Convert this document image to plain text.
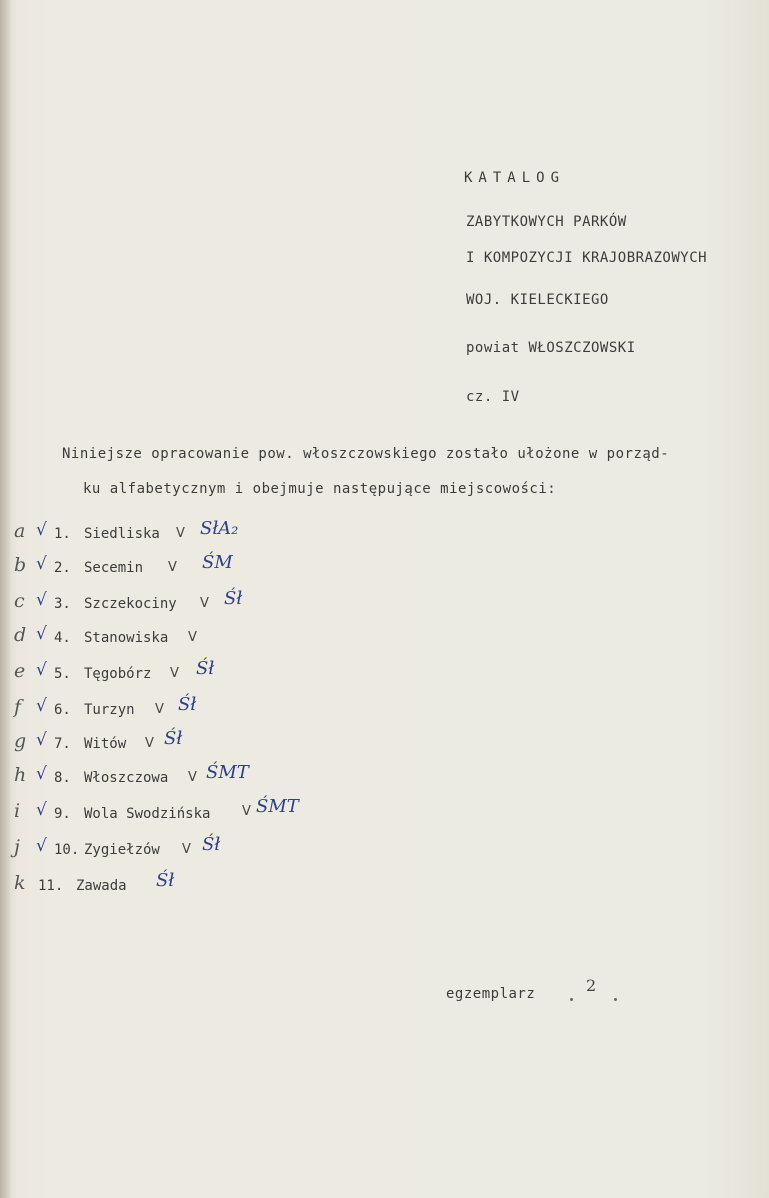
KATALOG
ZABYTKOWYCH PARKÓW
I KOMPOZYCJI KRAJOBRAZOWYCH
WOJ. KIELECKIEGO
powiat WŁOSZCZOWSKI
cz. IV
Niniejsze opracowanie pow. włoszczowskiego zostało ułożone w porząd-
ku alfabetycznym i obejmuje następujące miejscowości:
a √ 1. Siedliska V SłA₂
b √ 2. Secemin V ŚM
c √ 3. Szczekociny V Śł
d √ 4. Stanowiska V
e √ 5. Tęgobórz V Śł
f √ 6. Turzyn V Śł
g √ 7. Witów V Śł
h √ 8. Włoszczowa V ŚMT
i √ 9. Wola Swodzińska V ŚMT
j √ 10. Zygiełzów V Śł
k 11. Zawada Śł
egzemplarz	2
